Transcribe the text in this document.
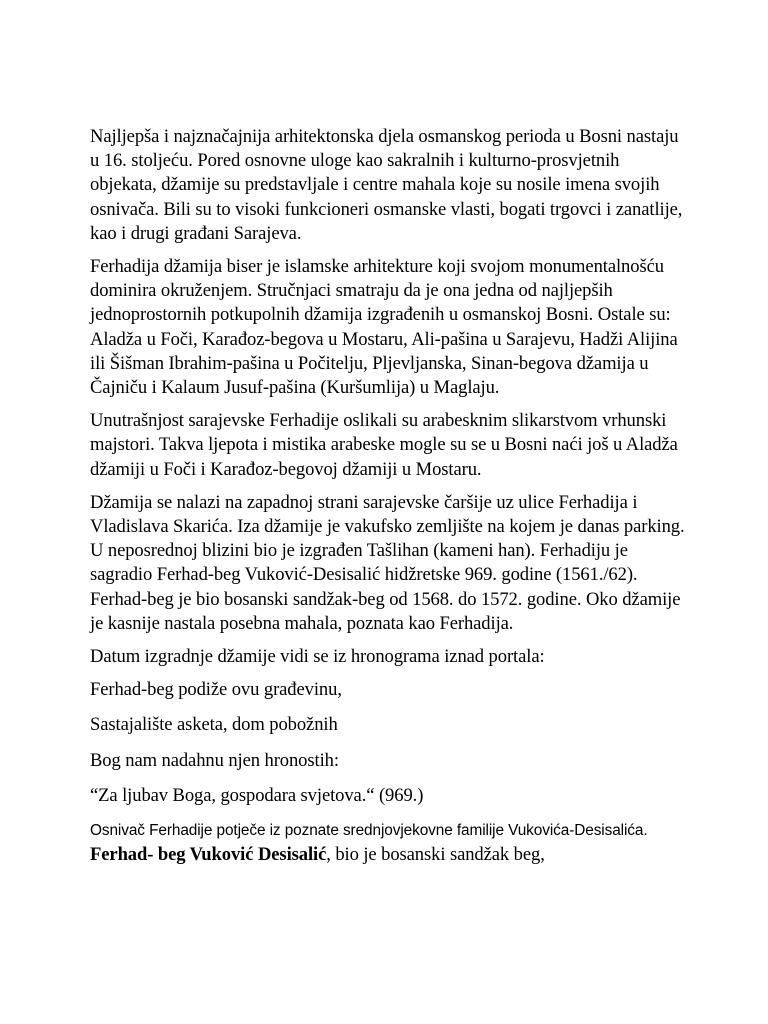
Najljepša i najznačajnija arhitektonska djela osmanskog perioda u Bosni nastaju u 16. stoljeću. Pored osnovne uloge kao sakralnih i kulturno-prosvjetnih objekata, džamije su predstavljale i centre mahala koje su nosile imena svojih osnivača. Bili su to visoki funkcioneri osmanske vlasti, bogati trgovci i zanatlije, kao i drugi građani Sarajeva.

Ferhadija džamija biser je islamske arhitekture koji svojom monumentalnošću dominira okruženjem. Stručnjaci smatraju da je ona jedna od najljepših jednoprostornih potkupolnih džamija izgrađenih u osmanskoj Bosni. Ostale su: Aladža u Foči, Karađoz-begova u Mostaru, Ali-pašina u Sarajevu, Hadži Alijina ili Šišman Ibrahim-pašina u Počitelju, Pljevljanska, Sinan-begova džamija u Čajniču i Kalaum Jusuf-pašina (Kuršumlija) u Maglaju.

Unutrašnjost sarajevske Ferhadije oslikali su arabesknim slikarstvom vrhunski majstori. Takva ljepota i mistika arabeske mogle su se u Bosni naći još u Aladža džamiji u Foči i Karađoz-begovoj džamiji u Mostaru.

Džamija se nalazi na zapadnoj strani sarajevske čaršije uz ulice Ferhadija i Vladislava Skarića. Iza džamije je vakufsko zemljište na kojem je danas parking. U neposrednoj blizini bio je izgrađen Tašlihan (kameni han). Ferhadiju je sagradio Ferhad-beg Vuković-Desisalić hidžretske 969. godine (1561./62). Ferhad-beg je bio bosanski sandžak-beg od 1568. do 1572. godine. Oko džamije je kasnije nastala posebna mahala, poznata kao Ferhadija.

Datum izgradnje džamije vidi se iz hronograma iznad portala:

Ferhad-beg podiže ovu građevinu,

Sastajalište asketa, dom pobožnih

Bog nam nadahnu njen hronostih:

“Za ljubav Boga, gospodara svjetova.“ (969.)

Osnivač Ferhadije potječe iz poznate srednjovjekovne familije Vukovića-Desisalića. Ferhad- beg Vuković Desisalić, bio je bosanski sandžak beg,
